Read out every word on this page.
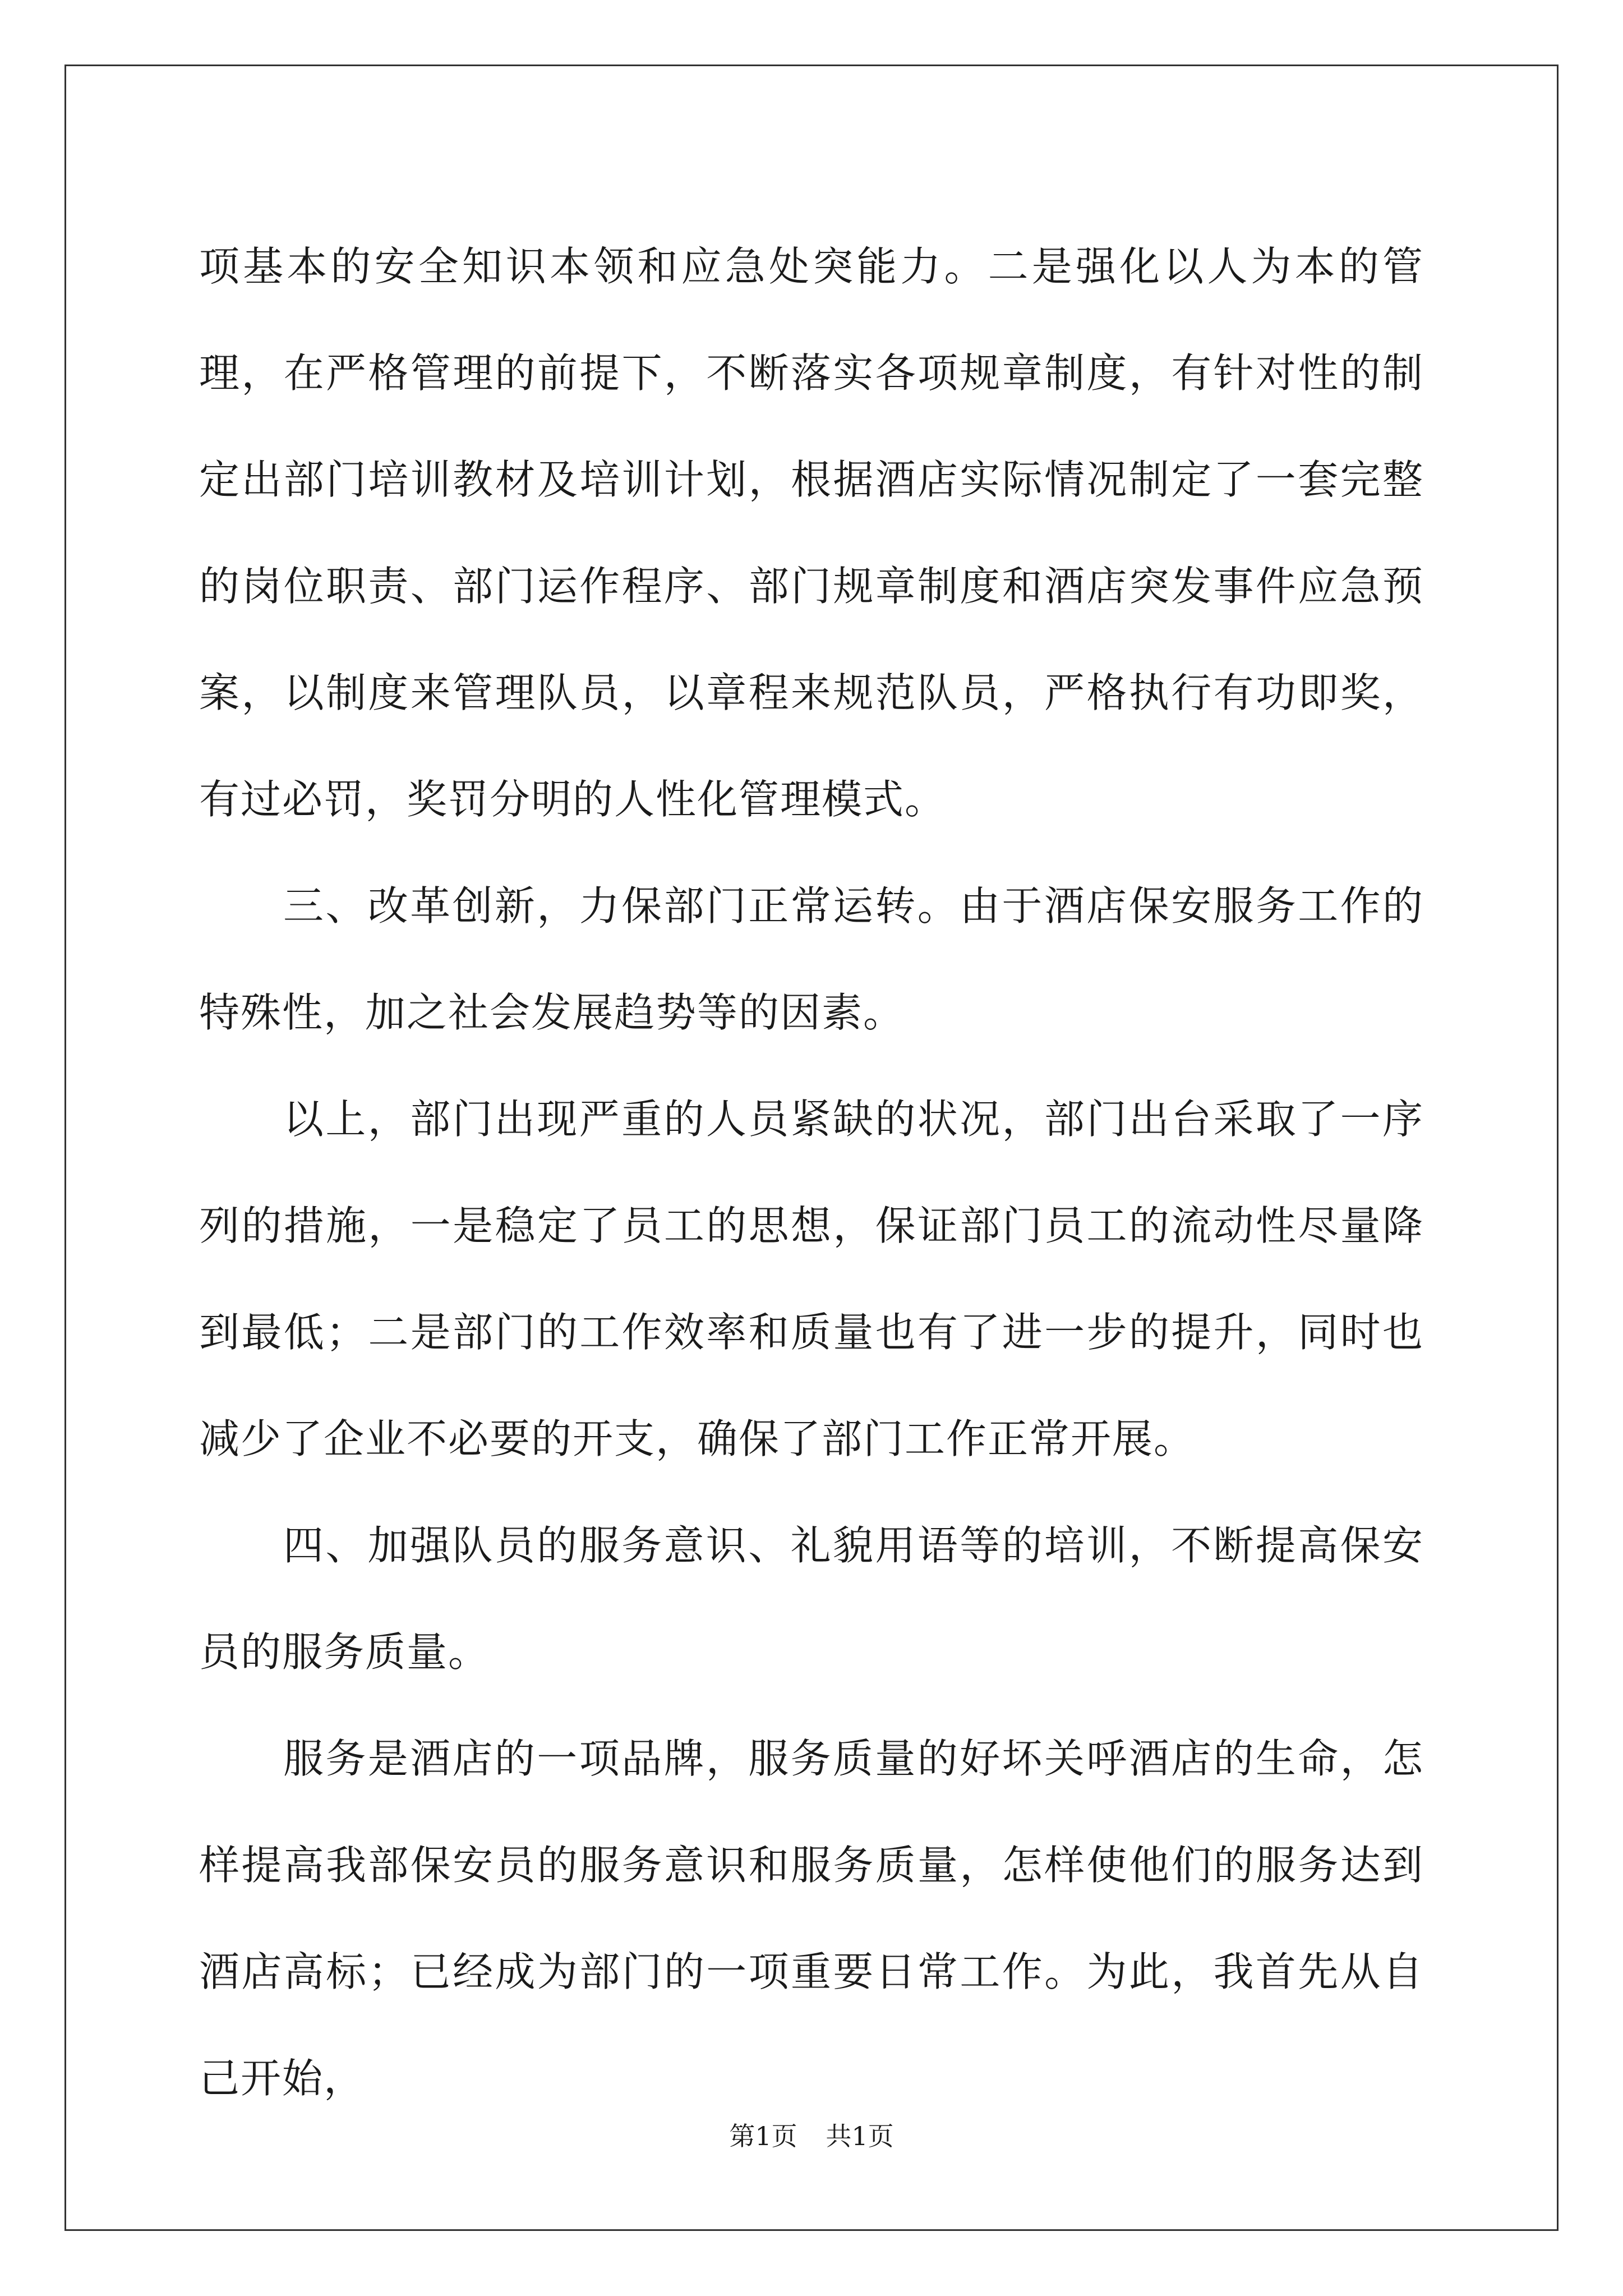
项基本的安全知识本领和应急处突能力。二是强化以人为本的管理，在严格管理的前提下，不断落实各项规章制度，有针对性的制定出部门培训教材及培训计划，根据酒店实际情况制定了一套完整的岗位职责、部门运作程序、部门规章制度和酒店突发事件应急预案，以制度来管理队员，以章程来规范队员，严格执行有功即奖，有过必罚，奖罚分明的人性化管理模式。

三、改革创新，力保部门正常运转。由于酒店保安服务工作的特殊性，加之社会发展趋势等的因素。

以上，部门出现严重的人员紧缺的状况，部门出台采取了一序列的措施，一是稳定了员工的思想，保证部门员工的流动性尽量降到最低；二是部门的工作效率和质量也有了进一步的提升，同时也减少了企业不必要的开支，确保了部门工作正常开展。

四、加强队员的服务意识、礼貌用语等的培训，不断提高保安员的服务质量。

服务是酒店的一项品牌，服务质量的好坏关呼酒店的生命，怎样提高我部保安员的服务意识和服务质量，怎样使他们的服务达到酒店高标；已经成为部门的一项重要日常工作。为此，我首先从自己开始，

第1页 共1页
